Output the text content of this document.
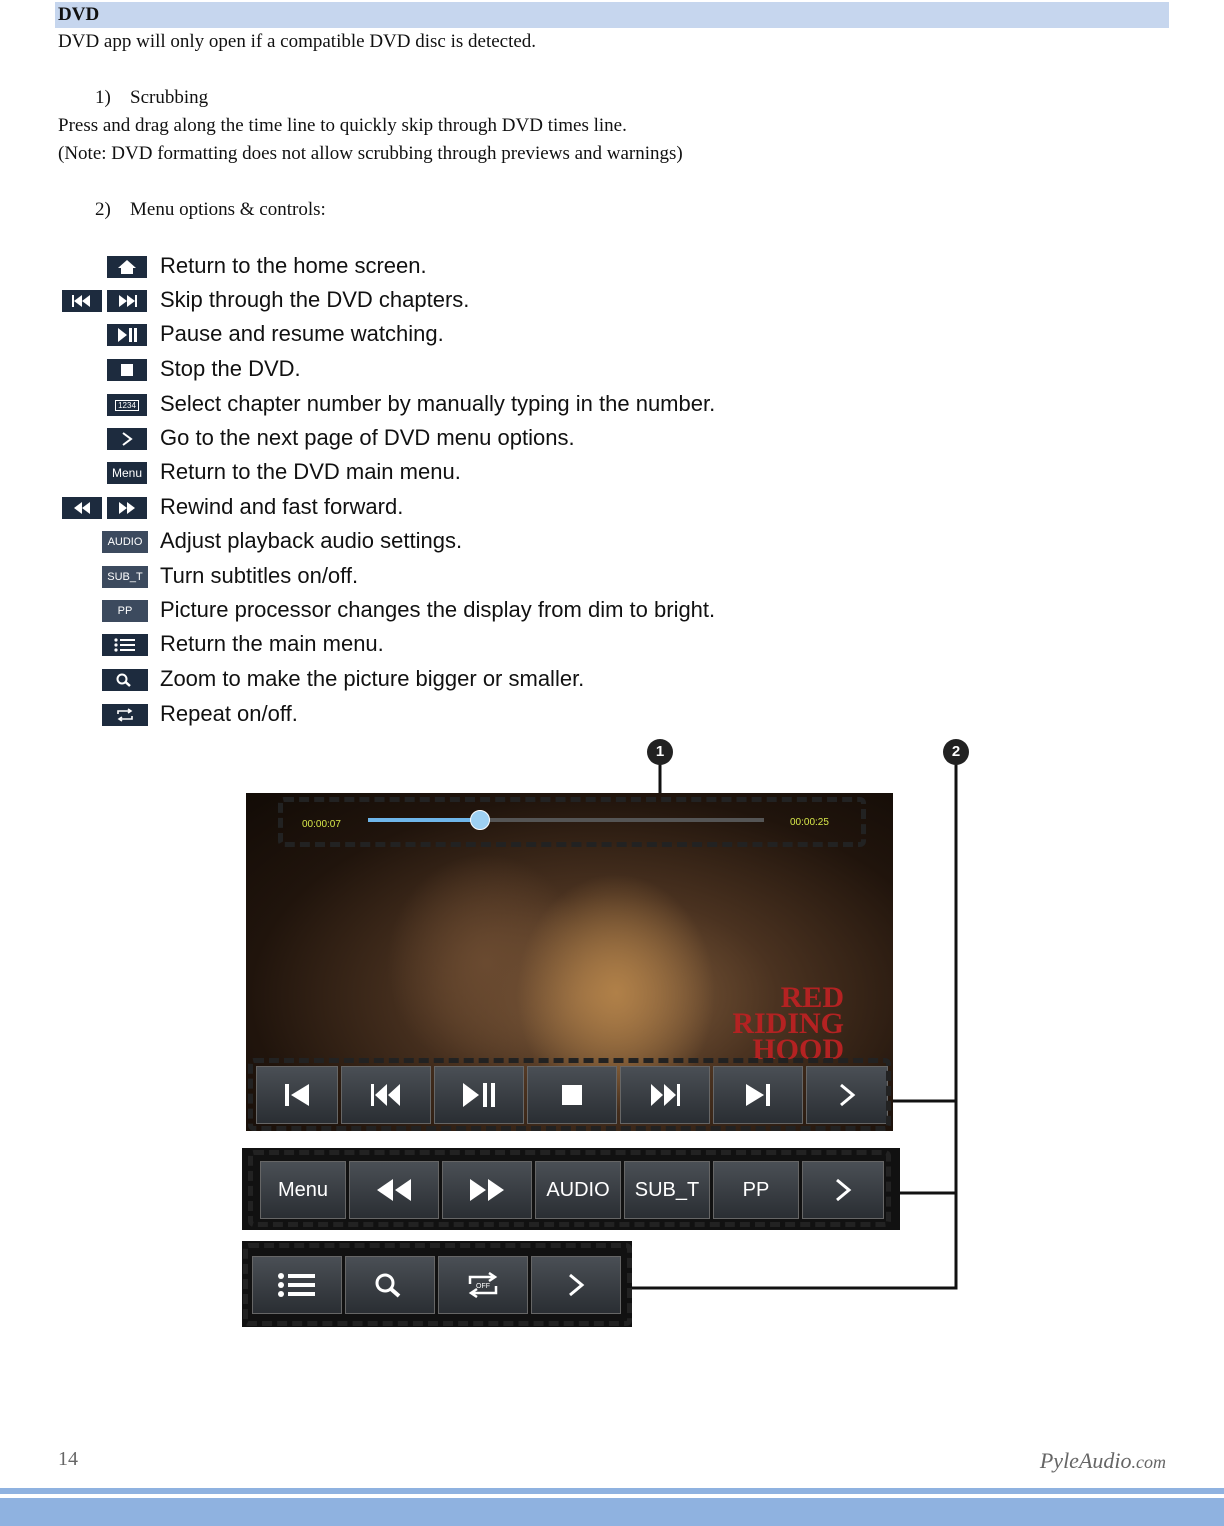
DVD
DVD app will only open if a compatible DVD disc is detected.
1) Scrubbing
Press and drag along the time line to quickly skip through DVD times line.
(Note: DVD formatting does not allow scrubbing through previews and warnings)
2) Menu options & controls:
Return to the home screen.
Skip through the DVD chapters.
Pause and resume watching.
Stop the DVD.
1234 Select chapter number by manually typing in the number.
Go to the next page of DVD menu options.
Menu Return to the DVD main menu.
Rewind and fast forward.
AUDIO Adjust playback audio settings.
SUB_T Turn subtitles on/off.
PP	Picture processor changes the display from dim to bright.
Return the main menu.
Zoom to make the picture bigger or smaller.
Repeat on/off.
1	2
RED
RIDING
HOOD
00:00:07	00:00:25
Menu	AUDIO	SUB_T	PP
OFF
14	PyleAudio.com
